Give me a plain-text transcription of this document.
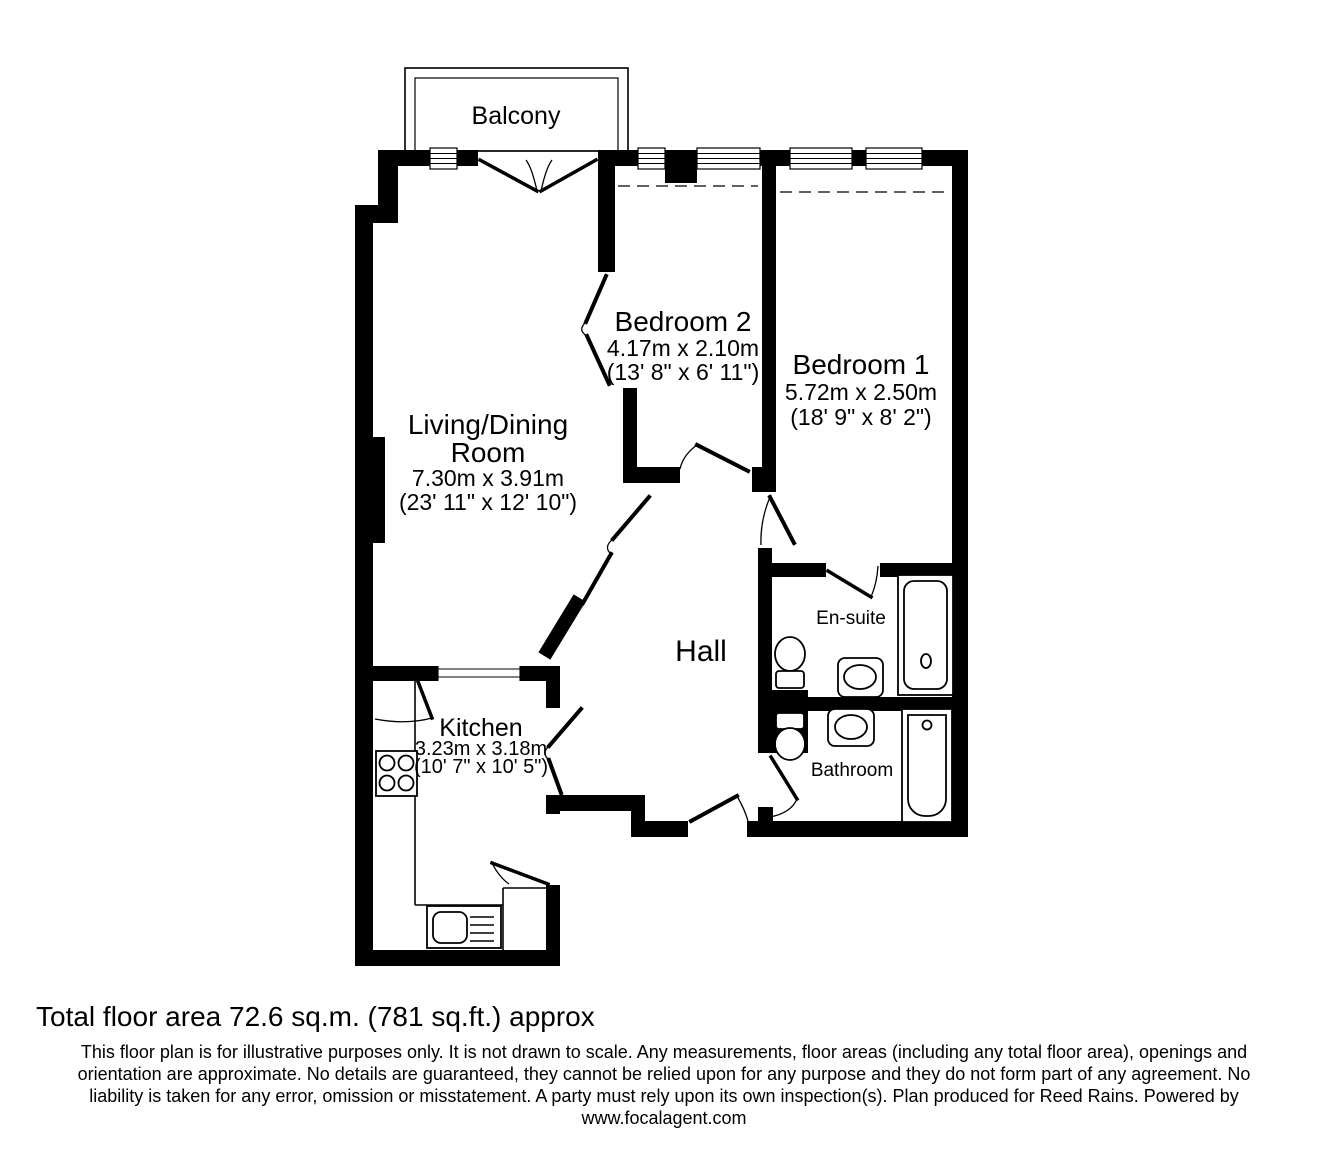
Balcony
Living/Dining
Room
7.30m x 3.91m
(23' 11" x 12' 10")
Bedroom 2
4.17m x 2.10m
(13' 8" x 6' 11") Bedroom 1
5.72m x 2.50m
(18' 9" x 8' 2")
Kitchen
3.23m x 3.18m
(10' 7" x 10' 5")
Hall
En-suite
Bathroom
Total floor area 72.6 sq.m. (781 sq.ft.) approx
This floor plan is for illustrative purposes only. It is not drawn to scale. Any measurements, floor areas (including any total floor area), openings and
orientation are approximate. No details are guaranteed, they cannot be relied upon for any purpose and they do not form part of any agreement. No
liability is taken for any error, omission or misstatement. A party must rely upon its own inspection(s). Plan produced for Reed Rains. Powered by
www.focalagent.com
